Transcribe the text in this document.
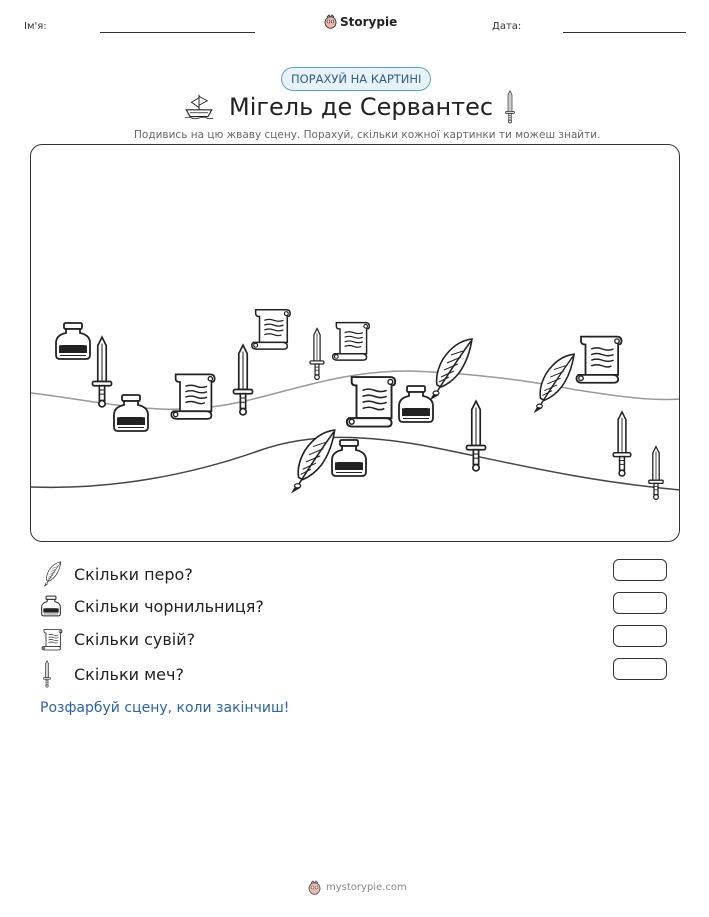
Ім'я:	Storypie	Дата:
ПОРАХУЙ НА КАРТИНІ
Мігель де Сервантес
Подивись на цю жваву сцену. Порахуй, скільки кожної картинки ти можеш знайти.
Скільки перо?
Скільки чорнильниця?
Скільки сувій?
Скільки меч?
Розфарбуй сцену, коли закінчиш!
mystorypie.com
